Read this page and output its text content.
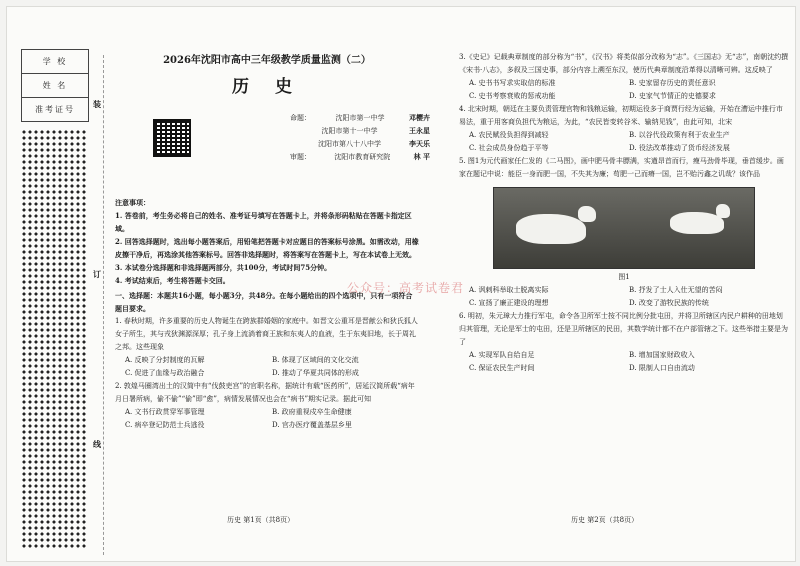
学 校
姓 名
准考证号
装
订
线

2026年沈阳市高中三年级教学质量监测（二）

历 史
命题：	沈阳市第一中学	邓樱卉
沈阳市第十一中学	王永星
沈阳市第八十八中学	李天乐
审题：	沈阳市教育研究院	林 平

注意事项：

1. 答卷前，考生务必将自己的姓名、准考证号填写在答题卡上，并将条形码粘贴在答题卡指定区域。

2. 回答选择题时，选出每小题答案后，用铅笔把答题卡对应题目的答案标号涂黑。如需改动，用橡皮擦干净后，再选涂其他答案标号。回答非选择题时，将答案写在答题卡上，写在本试卷上无效。

3. 本试卷分选择题和非选择题两部分，共100分，考试时间75分钟。

4. 考试结束后，考生将答题卡交回。

一、选择题：本题共16小题，每小题3分，共48分。在每小题给出的四个选项中，只有一项符合题目要求。

1. 春秋时期，许多重要的历史人物诞生在跨族群婚姻的家庭中。如晋文公重耳是晋献公和狄氏狐人女子所生，其与戎狄渊源深厚；孔子身上流淌着商王族和东夷人的血液，生于东夷旧地，长于周礼之邦。这些现象

A. 反映了分封制度的瓦解	B. 体现了区域间的文化交流
C. 促进了血缘与政治融合	D. 推动了华夏共同体的形成

2. 敦煌马圈湾出土的汉简中有“伐鼓吏宫”的官职名称，据统计有载“医药所”，居延汉简所载“病年月日署所病，偷不偷”“偷”即“愈”，病情发展情况也会在“病书”期实记录。据此可知

A. 文书行政贯穿军事管理	B. 政府重视戍卒生命健康
C. 病卒登记防范士兵逃役	D. 官办医疗覆盖基层乡里

3.《史记》记载典章制度的部分称为“书”，《汉书》将类似部分改称为“志”。《三国志》无“志”，南朝沈约撰《宋书·八志》，多叙及三国史事，部分内容上溯至东汉，使历代典章制度沿革得以清晰可辨。这反映了

A. 史书书写求实取信的标准	B. 史家留存历史的责任意识
C. 史书考察衰败的惩戒功能	D. 史家气节情正的史德要求

4. 北宋时期，朝廷在主要负责管理官物和钱粮运输，初期运役多于商贾行经为运输，开始在漕运中推行市易法，重于用客商负担代为粮运，为此，“农民皆变转谷米、输纳见钱”，由此可知，北宋

A. 农民赋役负担得到减轻	B. 以谷代役政策有利于农业生产
C. 社会成员身份趋于平等	D. 役法改革推动了货币经济发展

5. 图1为元代画家任仁发的《二马图》，画中肥马骨丰膘满，实遒昂首而行，瘦马劲骨毕现，垂首缓步。画家在题记中说：能臣一身而肥一国，不失其为廉；苟肥一己而瘠一国，岂不贻污鑫之讥哉？该作品

图1
A. 讽刺科举取士脱离实际	B. 抒发了士人入仕无望的苦闷
C. 宣扬了廉正建设的理想	D. 改变了游牧民族的传统

6. 明初，朱元璋大力推行军屯，命令各卫所军士按不同比例分批屯田，并将卫所辖区内民户耕种的田地划归其管理，无论是军士的屯田，还是卫所辖区的民田，其数学统计都不在户部管辖之下。这些举措主要是为了

A. 实现军队自给自足	B. 增加国家财政收入
C. 保证农民生产时间	D. 限制人口自由流动
公众号：高考试卷君
历史 第1页（共8页）	历史 第2页（共8页）
